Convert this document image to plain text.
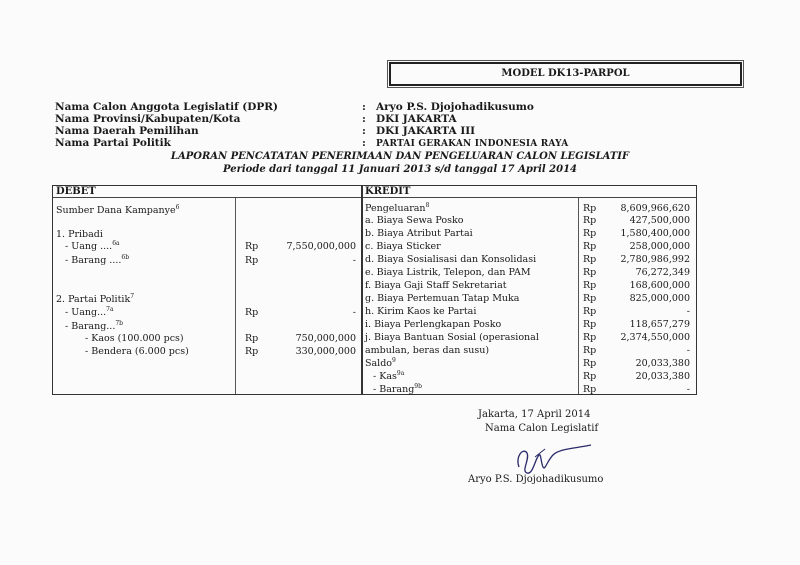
MODEL DK13-PARPOL
Nama Calon Anggota Legislatif (DPR)	: Aryo P.S. Djojohadikusumo
Nama Provinsi/Kabupaten/Kota	: DKI JAKARTA
Nama Daerah Pemilihan	: DKI JAKARTA III
Nama Partai Politik	: PARTAI GERAKAN INDONESIA RAYA
LAPORAN PENCATATAN PENERIMAAN DAN PENGELUARAN CALON LEGISLATIF
Periode dari tanggal 11 Januari 2013 s/d tanggal 17 April 2014
DEBET	KREDIT
Sumber Dana Kampanye$^6$
1. Pribadi
- Uang ....$^{6a}$	Rp	7,550,000,000
- Barang ....$^{6b}$	Rp	-
2. Partai Politik$^7$
- Uang...$^{7a}$	Rp	-
- Barang...$^{7b}$
- Kaos (100.000 pcs)	Rp	750,000,000
- Bendera (6.000 pcs)	Rp	330,000,000
Pengeluaran$^8$	Rp	8,609,966,620
a. Biaya Sewa Posko	Rp	427,500,000
b. Biaya Atribut Partai	Rp	1,580,400,000
c. Biaya Sticker	Rp	258,000,000
d. Biaya Sosialisasi dan Konsolidasi	Rp	2,780,986,992
e. Biaya Listrik, Telepon, dan PAM	Rp	76,272,349
f. Biaya Gaji Staff Sekretariat	Rp	168,600,000
g. Biaya Pertemuan Tatap Muka	Rp	825,000,000
h. Kirim Kaos ke Partai	Rp	-
i. Biaya Perlengkapan Posko	Rp	118,657,279
j. Biaya Bantuan Sosial (operasional	Rp	2,374,550,000
ambulan, beras dan susu)	Rp	-
Saldo$^9$	Rp	20,033,380
- Kas$^{9a}$	Rp	20,033,380
- Barang$^{9b}$	Rp	-
Jakarta, 17 April 2014
Nama Calon Legislatif
Aryo P.S. Djojohadikusumo
